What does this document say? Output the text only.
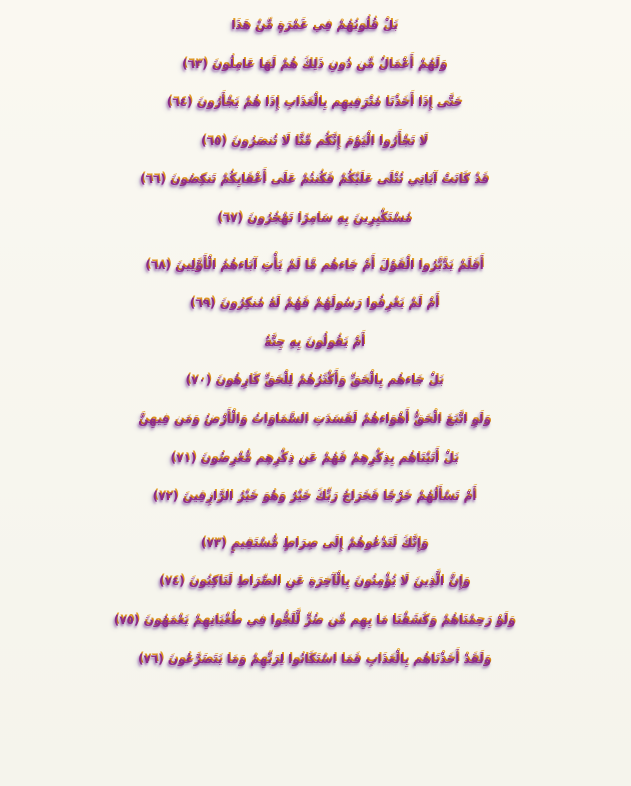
بَلْ قُلُوبُهُمْ فِي غَمْرَةٍ مِّنْ هَذَا
وَلَهُمْ أَعْمَالٌ مِّن دُونِ ذَلِكَ هُمْ لَهَا عَامِلُونَ (٦٣)
حَتَّى إِذَا أَخَذْنَا مُتْرَفِيهِم بِالْعَذَابِ إِذَا هُمْ يَجْأَرُونَ (٦٤)
لَا تَجْأَرُوا الْيَوْمَ إِنَّكُم مِّنَّا لَا تُنصَرُونَ (٦٥)
قَدْ كَانَتْ آيَاتِي تُتْلَى عَلَيْكُمْ فَكُنتُمْ عَلَى أَعْقَابِكُمْ تَنكِصُونَ (٦٦)
مُسْتَكْبِرِينَ بِهِ سَامِرًا تَهْجُرُونَ (٦٧)
أَفَلَمْ يَدَّبَّرُوا الْقَوْلَ أَمْ جَاءهُم مَّا لَمْ يَأْتِ آبَاءهُمُ الْأَوَّلِينَ (٦٨)
أَمْ لَمْ يَعْرِفُوا رَسُولَهُمْ فَهُمْ لَهُ مُنكِرُونَ (٦٩)
أَمْ يَقُولُونَ بِهِ جِنَّةٌ
بَلْ جَاءهُم بِالْحَقِّ وَأَكْثَرُهُمْ لِلْحَقِّ كَارِهُونَ (٧٠)
وَلَوِ اتَّبَعَ الْحَقُّ أَهْوَاءهُمْ لَفَسَدَتِ السَّمَاوَاتُ وَالْأَرْضُ وَمَن فِيهِنَّ
بَلْ أَتَيْنَاهُم بِذِكْرِهِمْ فَهُمْ عَن ذِكْرِهِم مُّعْرِضُونَ (٧١)
أَمْ تَسْأَلُهُمْ خَرْجًا فَخَرَاجُ رَبِّكَ خَيْرٌ وَهُوَ خَيْرُ الرَّازِقِينَ (٧٢)
وَإِنَّكَ لَتَدْعُوهُمْ إِلَى صِرَاطٍ مُّسْتَقِيمٍ (٧٣)
وَإِنَّ الَّذِينَ لَا يُؤْمِنُونَ بِالْآخِرَةِ عَنِ الصِّرَاطِ لَنَاكِبُونَ (٧٤)
وَلَوْ رَحِمْنَاهُمْ وَكَشَفْنَا مَا بِهِم مِّن ضُرٍّ لَّلَجُّوا فِي طُغْيَانِهِمْ يَعْمَهُونَ (٧٥)
وَلَقَدْ أَخَذْنَاهُم بِالْعَذَابِ فَمَا اسْتَكَانُوا لِرَبِّهِمْ وَمَا يَتَضَرَّعُونَ (٧٦)
